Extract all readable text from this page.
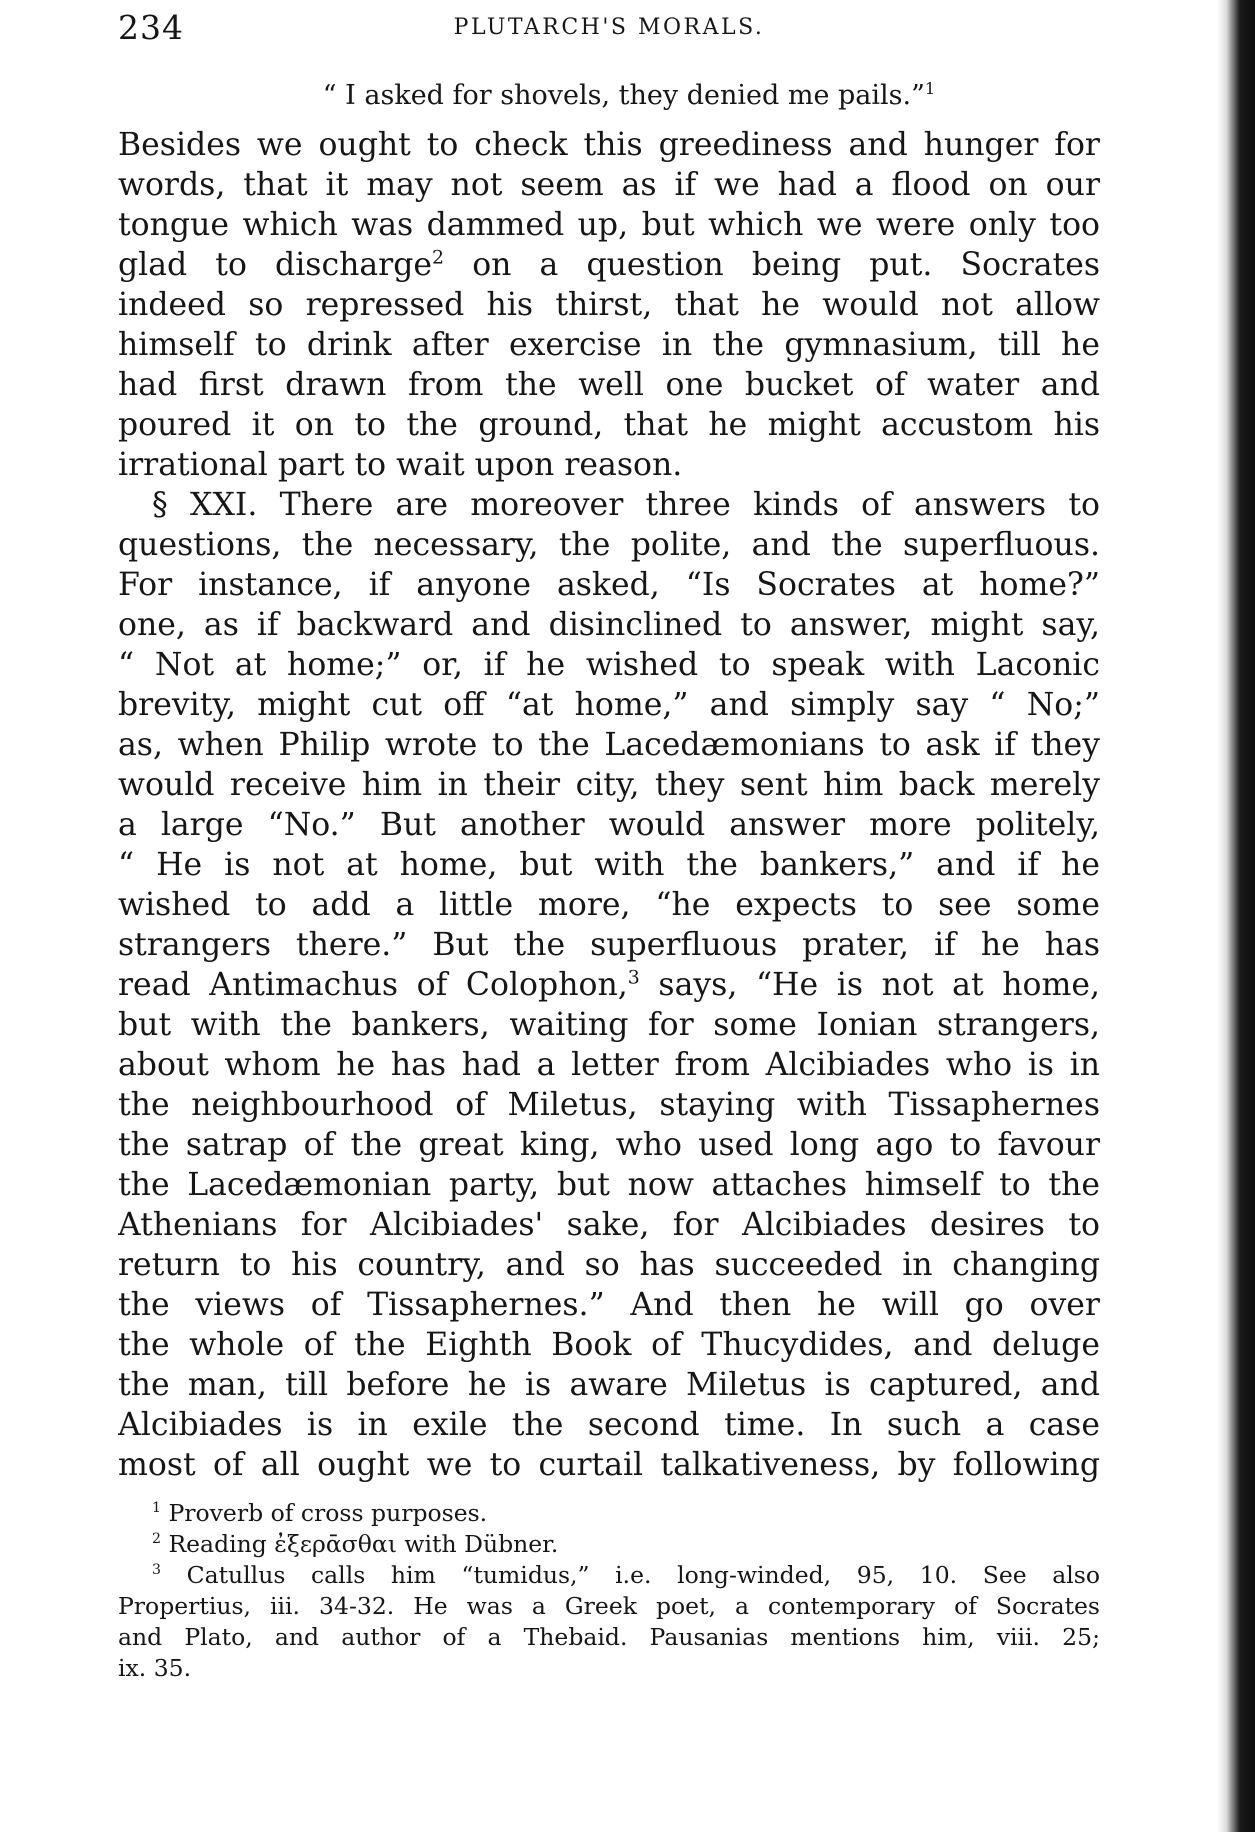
234	PLUTARCH'S MORALS.
“ I asked for shovels, they denied me pails.”$^1$
Besides we ought to check this greediness and hunger for
words, that it may not seem as if we had a flood on our
tongue which was dammed up, but which we were only too
glad to discharge$^2$ on a question being put. Socrates
indeed so repressed his thirst, that he would not allow
himself to drink after exercise in the gymnasium, till he
had first drawn from the well one bucket of water and
poured it on to the ground, that he might accustom his
irrational part to wait upon reason.
§ XXI. There are moreover three kinds of answers to
questions, the necessary, the polite, and the superfluous.
For instance, if anyone asked, “Is Socrates at home?”
one, as if backward and disinclined to answer, might say,
“ Not at home;” or, if he wished to speak with Laconic
brevity, might cut off “at home,” and simply say “ No;”
as, when Philip wrote to the Lacedæmonians to ask if they
would receive him in their city, they sent him back merely
a large “No.” But another would answer more politely,
“ He is not at home, but with the bankers,” and if he
wished to add a little more, “he expects to see some
strangers there.” But the superfluous prater, if he has
read Antimachus of Colophon,$^3$ says, “He is not at home,
but with the bankers, waiting for some Ionian strangers,
about whom he has had a letter from Alcibiades who is in
the neighbourhood of Miletus, staying with Tissaphernes
the satrap of the great king, who used long ago to favour
the Lacedæmonian party, but now attaches himself to the
Athenians for Alcibiades' sake, for Alcibiades desires to
return to his country, and so has succeeded in changing
the views of Tissaphernes.” And then he will go over
the whole of the Eighth Book of Thucydides, and deluge
the man, till before he is aware Miletus is captured, and
Alcibiades is in exile the second time. In such a case
most of all ought we to curtail talkativeness, by following
$^1$ Proverb of cross purposes.
$^2$ Reading ἐξερᾱσθαι with Dübner.
$^3$ Catullus calls him “tumidus,” i.e. long-winded, 95, 10. See also
Propertius, iii. 34-32. He was a Greek poet, a contemporary of Socrates
and Plato, and author of a Thebaid. Pausanias mentions him, viii. 25;
ix. 35.
